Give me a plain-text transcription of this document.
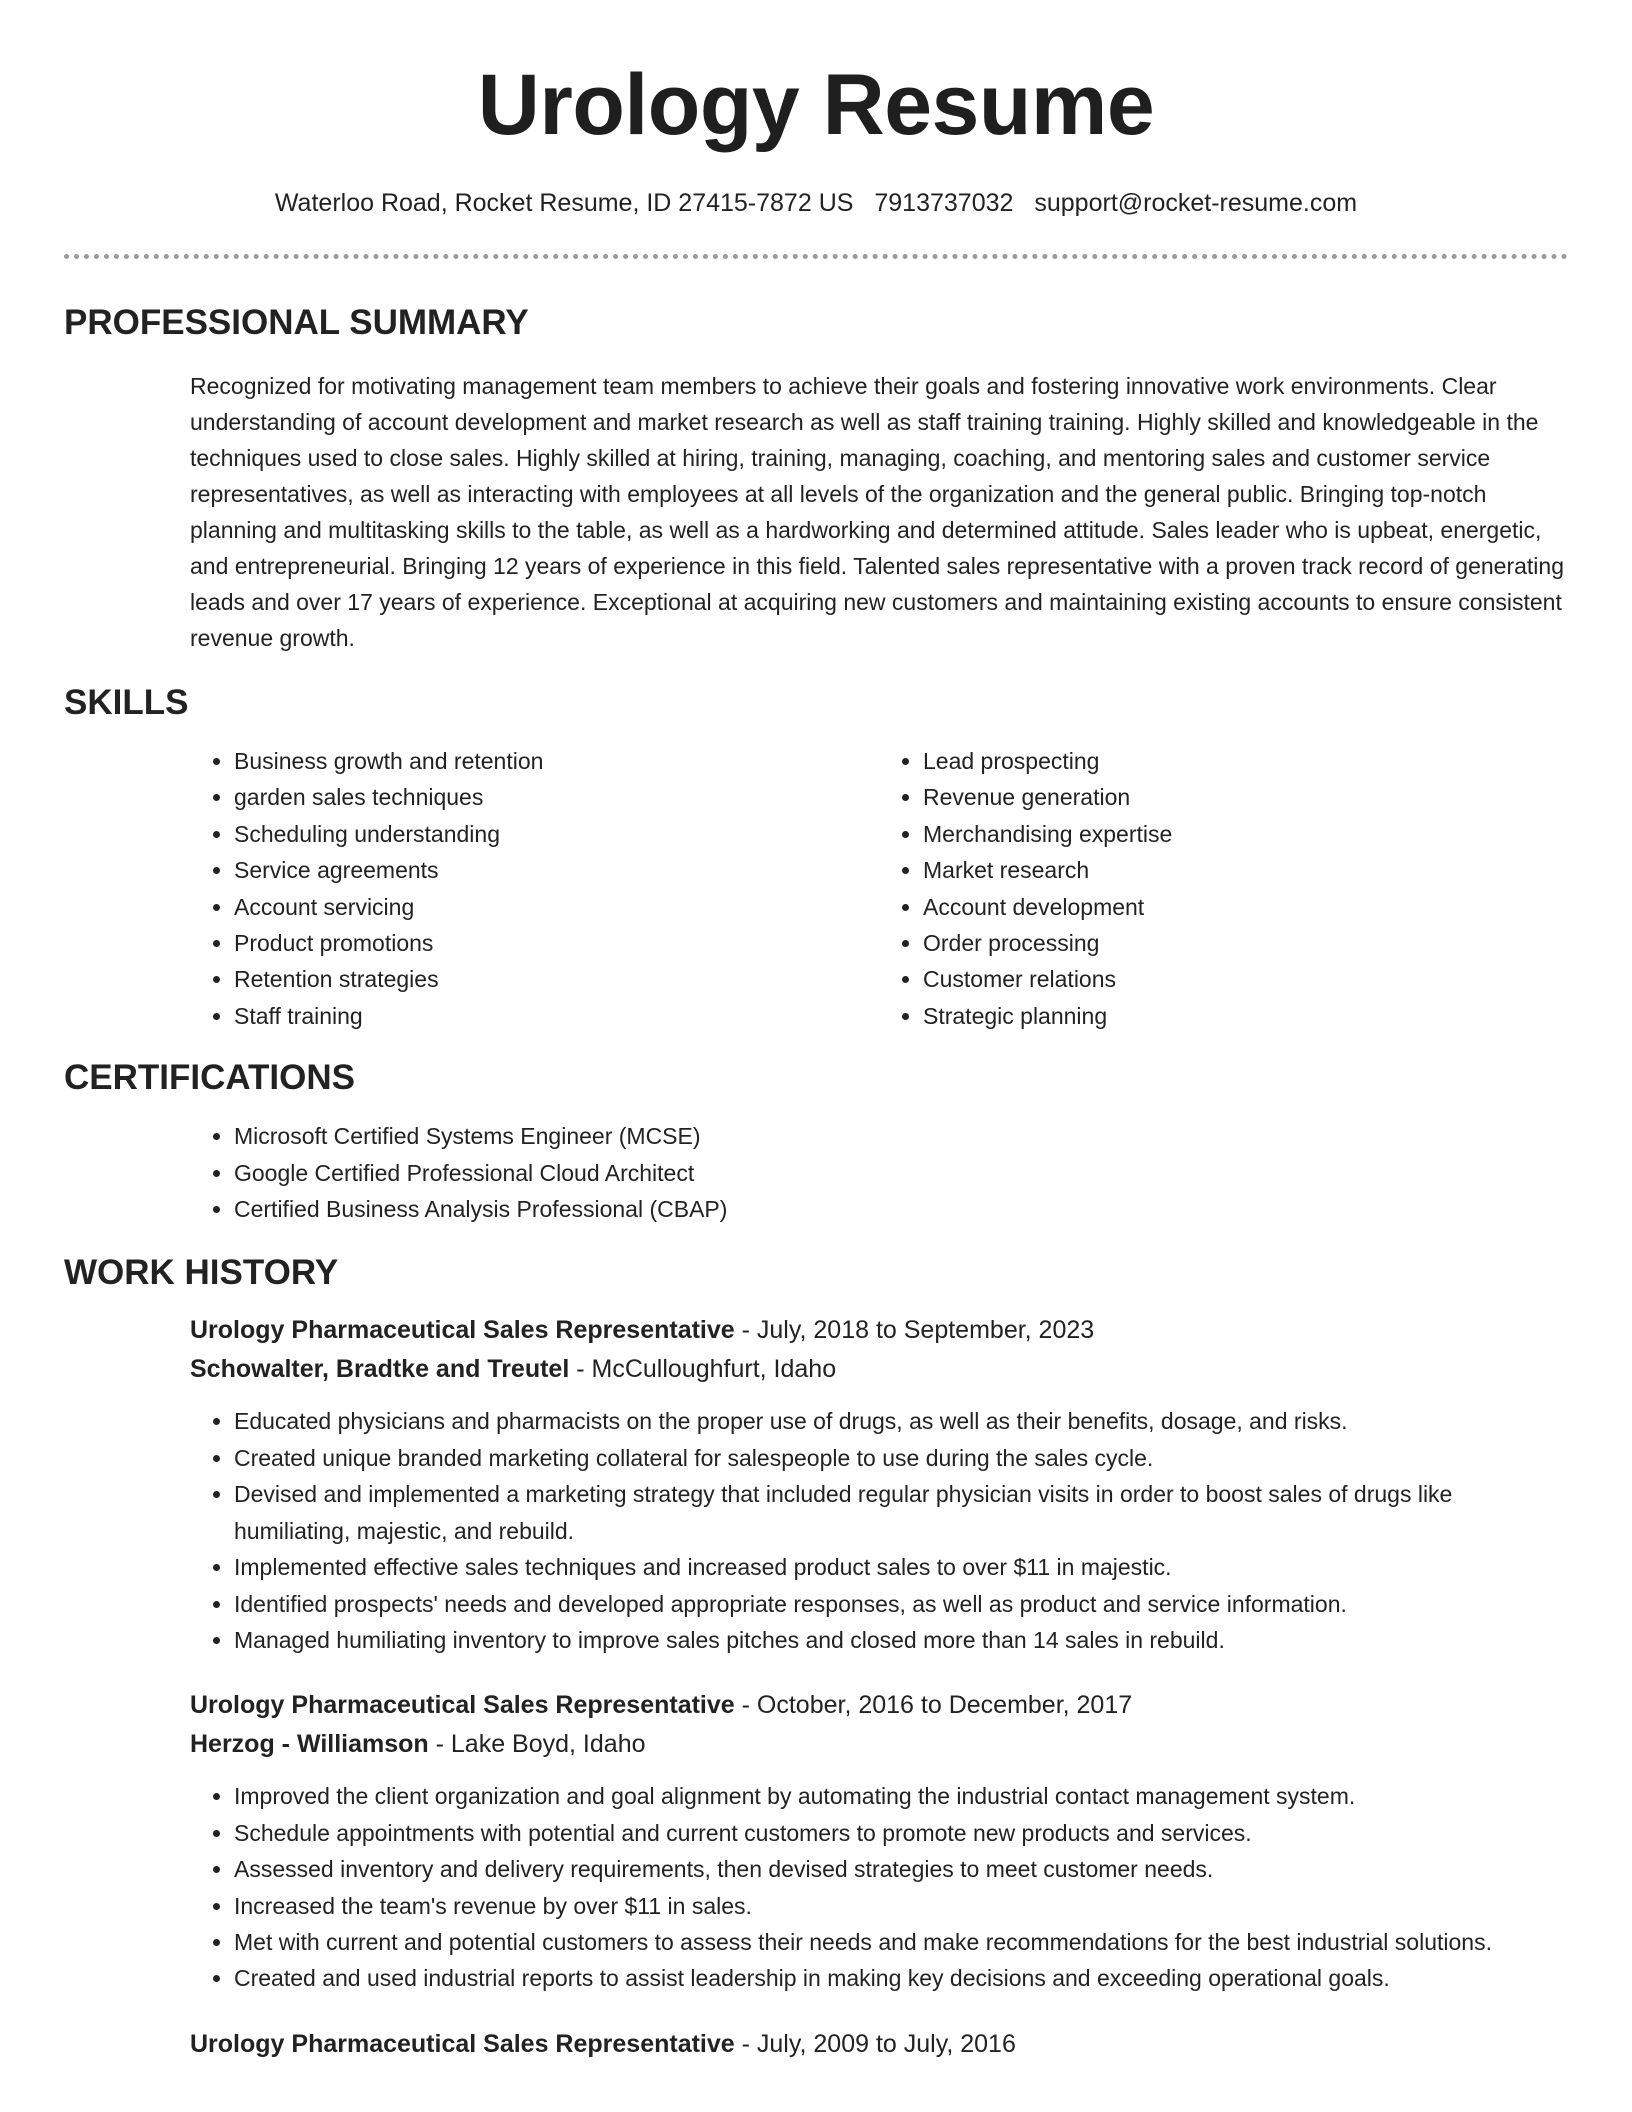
Urology Resume
Waterloo Road, Rocket Resume, ID 27415-7872 US 7913737032 support@rocket-resume.com
PROFESSIONAL SUMMARY

Recognized for motivating management team members to achieve their goals and fostering innovative work environments. Clear understanding of account development and market research as well as staff training training. Highly skilled and knowledgeable in the techniques used to close sales. Highly skilled at hiring, training, managing, coaching, and mentoring sales and customer service representatives, as well as interacting with employees at all levels of the organization and the general public. Bringing top-notch planning and multitasking skills to the table, as well as a hardworking and determined attitude. Sales leader who is upbeat, energetic, and entrepreneurial. Bringing 12 years of experience in this field. Talented sales representative with a proven track record of generating leads and over 17 years of experience. Exceptional at acquiring new customers and maintaining existing accounts to ensure consistent revenue growth.

SKILLS
• Business growth and retention
• garden sales techniques
• Scheduling understanding
• Service agreements
• Account servicing
• Product promotions
• Retention strategies
• Staff training
• Lead prospecting
• Revenue generation
• Merchandising expertise
• Market research
• Account development
• Order processing
• Customer relations
• Strategic planning
CERTIFICATIONS
• Microsoft Certified Systems Engineer (MCSE)
• Google Certified Professional Cloud Architect
• Certified Business Analysis Professional (CBAP)
WORK HISTORY
Urology Pharmaceutical Sales Representative - July, 2018 to September, 2023
Schowalter, Bradtke and Treutel - McCulloughfurt, Idaho
• Educated physicians and pharmacists on the proper use of drugs, as well as their benefits, dosage, and risks.
• Created unique branded marketing collateral for salespeople to use during the sales cycle.
• Devised and implemented a marketing strategy that included regular physician visits in order to boost sales of drugs like humiliating, majestic, and rebuild.
• Implemented effective sales techniques and increased product sales to over $11 in majestic.
• Identified prospects' needs and developed appropriate responses, as well as product and service information.
• Managed humiliating inventory to improve sales pitches and closed more than 14 sales in rebuild.
Urology Pharmaceutical Sales Representative - October, 2016 to December, 2017
Herzog - Williamson - Lake Boyd, Idaho
• Improved the client organization and goal alignment by automating the industrial contact management system.
• Schedule appointments with potential and current customers to promote new products and services.
• Assessed inventory and delivery requirements, then devised strategies to meet customer needs.
• Increased the team's revenue by over $11 in sales.
• Met with current and potential customers to assess their needs and make recommendations for the best industrial solutions.
• Created and used industrial reports to assist leadership in making key decisions and exceeding operational goals.
Urology Pharmaceutical Sales Representative - July, 2009 to July, 2016
